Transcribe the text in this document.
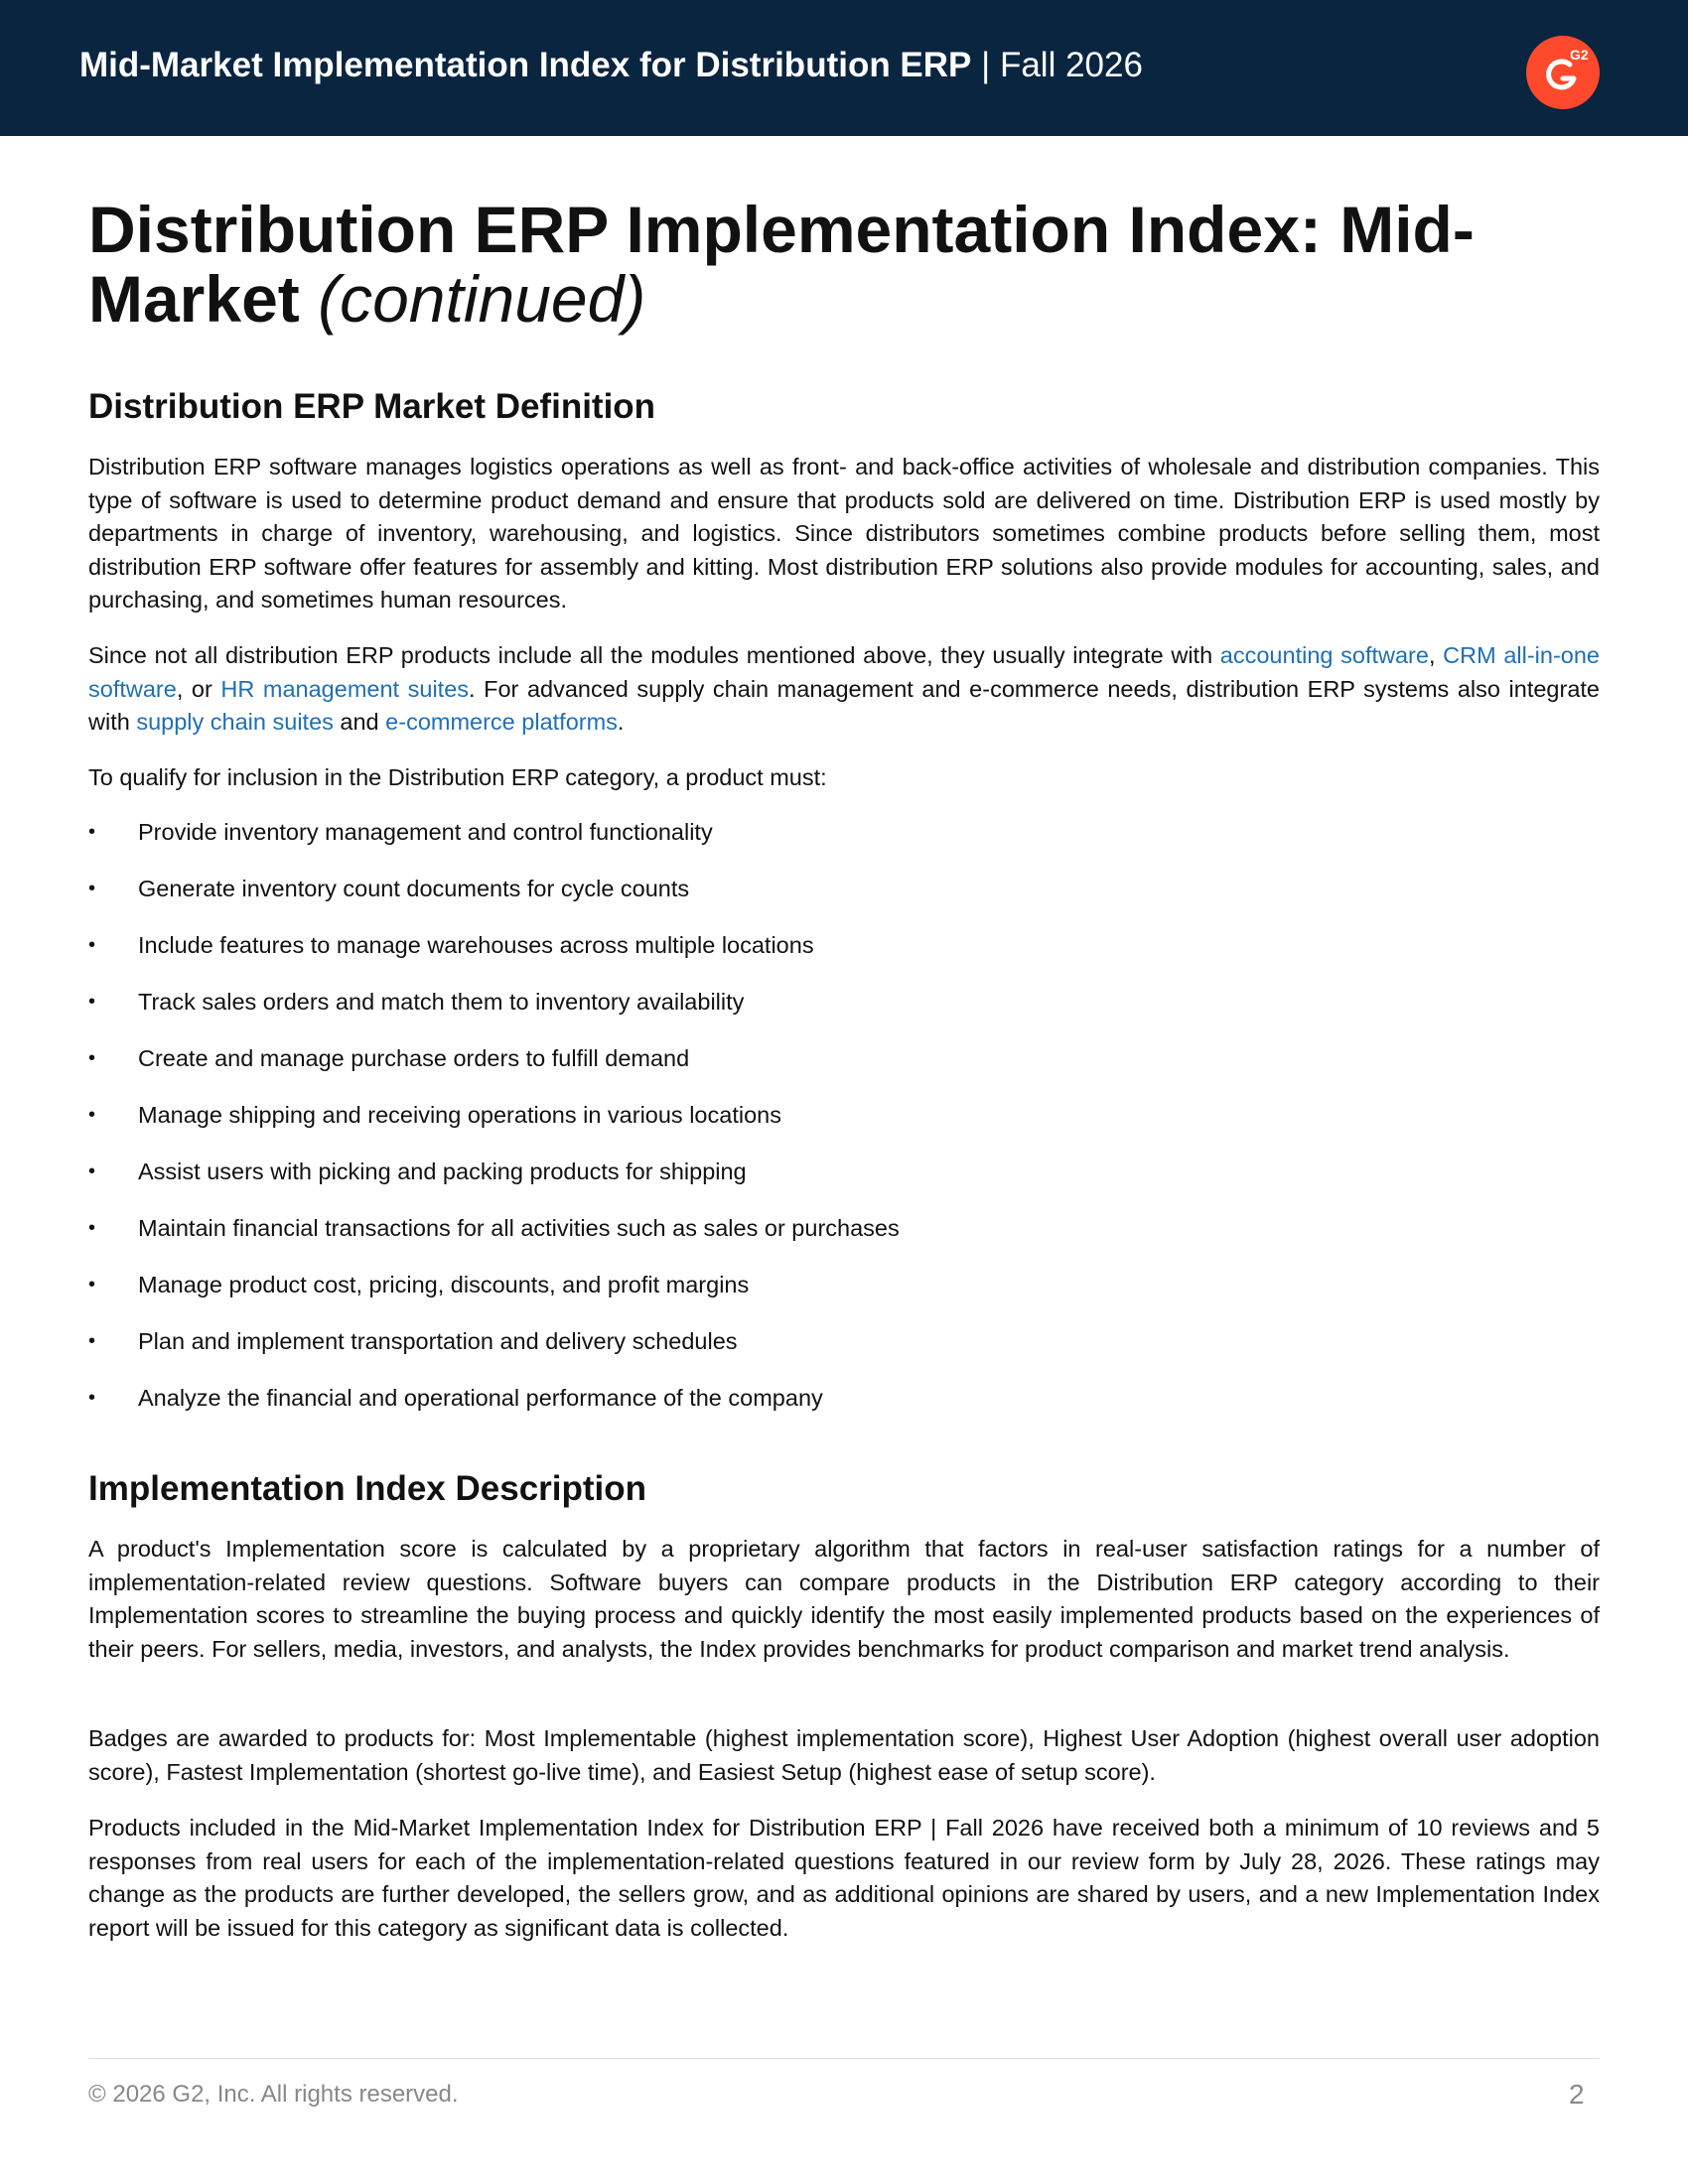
Mid-Market Implementation Index for Distribution ERP | Fall 2026	G2
Distribution ERP Implementation Index: Mid-Market (continued)
Distribution ERP Market Definition

Distribution ERP software manages logistics operations as well as front- and back-office activities of wholesale and distribution companies. This type of software is used to determine product demand and ensure that products sold are delivered on time. Distribution ERP is used mostly by departments in charge of inventory, warehousing, and logistics. Since distributors sometimes combine products before selling them, most distribution ERP software offer features for assembly and kitting. Most distribution ERP solutions also provide modules for accounting, sales, and purchasing, and sometimes human resources.

Since not all distribution ERP products include all the modules mentioned above, they usually integrate with accounting software, CRM all-in-one software, or HR management suites. For advanced supply chain management and e-commerce needs, distribution ERP systems also integrate with supply chain suites and e-commerce platforms.

To qualify for inclusion in the Distribution ERP category, a product must:

• Provide inventory management and control functionality
• Generate inventory count documents for cycle counts
• Include features to manage warehouses across multiple locations
• Track sales orders and match them to inventory availability
• Create and manage purchase orders to fulfill demand
• Manage shipping and receiving operations in various locations
• Assist users with picking and packing products for shipping
• Maintain financial transactions for all activities such as sales or purchases
• Manage product cost, pricing, discounts, and profit margins
• Plan and implement transportation and delivery schedules
• Analyze the financial and operational performance of the company
Implementation Index Description

A product's Implementation score is calculated by a proprietary algorithm that factors in real-user satisfaction ratings for a number of implementation-related review questions. Software buyers can compare products in the Distribution ERP category according to their Implementation scores to streamline the buying process and quickly identify the most easily implemented products based on the experiences of their peers. For sellers, media, investors, and analysts, the Index provides benchmarks for product comparison and market trend analysis.

Badges are awarded to products for: Most Implementable (highest implementation score), Highest User Adoption (highest overall user adoption score), Fastest Implementation (shortest go-live time), and Easiest Setup (highest ease of setup score).

Products included in the Mid-Market Implementation Index for Distribution ERP | Fall 2026 have received both a minimum of 10 reviews and 5 responses from real users for each of the implementation-related questions featured in our review form by July 28, 2026. These ratings may change as the products are further developed, the sellers grow, and as additional opinions are shared by users, and a new Implementation Index report will be issued for this category as significant data is collected.

© 2026 G2, Inc. All rights reserved.	2
